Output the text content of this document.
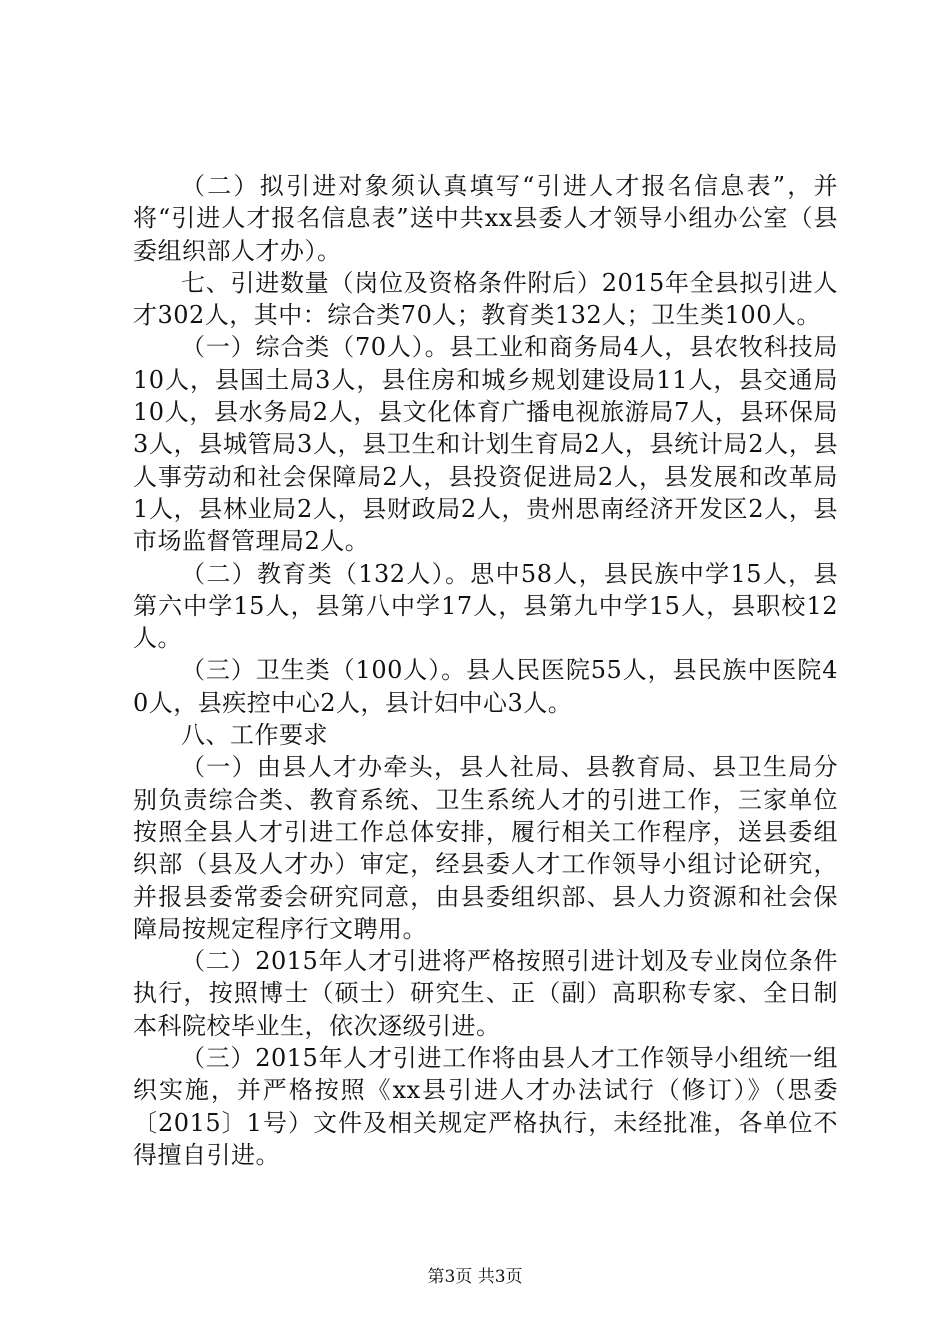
（二）拟引进对象须认真填写“引进人才报名信息表”，并将“引进人才报名信息表”送中共xx县委人才领导小组办公室（县委组织部人才办）。

七、引进数量（岗位及资格条件附后）2015年全县拟引进人才302人，其中：综合类70人；教育类132人；卫生类100人。

（一）综合类（70人）。县工业和商务局4人，县农牧科技局10人，县国土局3人，县住房和城乡规划建设局11人，县交通局10人，县水务局2人，县文化体育广播电视旅游局7人，县环保局3人，县城管局3人，县卫生和计划生育局2人，县统计局2人，县人事劳动和社会保障局2人，县投资促进局2人，县发展和改革局1人，县林业局2人，县财政局2人，贵州思南经济开发区2人，县市场监督管理局2人。

（二）教育类（132人）。思中58人，县民族中学15人，县第六中学15人，县第八中学17人，县第九中学15人，县职校12人。

（三）卫生类（100人）。县人民医院55人，县民族中医院40人，县疾控中心2人，县计妇中心3人。

八、工作要求

（一）由县人才办牵头，县人社局、县教育局、县卫生局分别负责综合类、教育系统、卫生系统人才的引进工作，三家单位按照全县人才引进工作总体安排，履行相关工作程序，送县委组织部（县及人才办）审定，经县委人才工作领导小组讨论研究，并报县委常委会研究同意，由县委组织部、县人力资源和社会保障局按规定程序行文聘用。

（二）2015年人才引进将严格按照引进计划及专业岗位条件执行，按照博士（硕士）研究生、正（副）高职称专家、全日制本科院校毕业生，依次逐级引进。

（三）2015年人才引进工作将由县人才工作领导小组统一组织实施，并严格按照《xx县引进人才办法试行（修订）》（思委〔2015〕1号）文件及相关规定严格执行，未经批准，各单位不得擅自引进。

第3页 共3页
